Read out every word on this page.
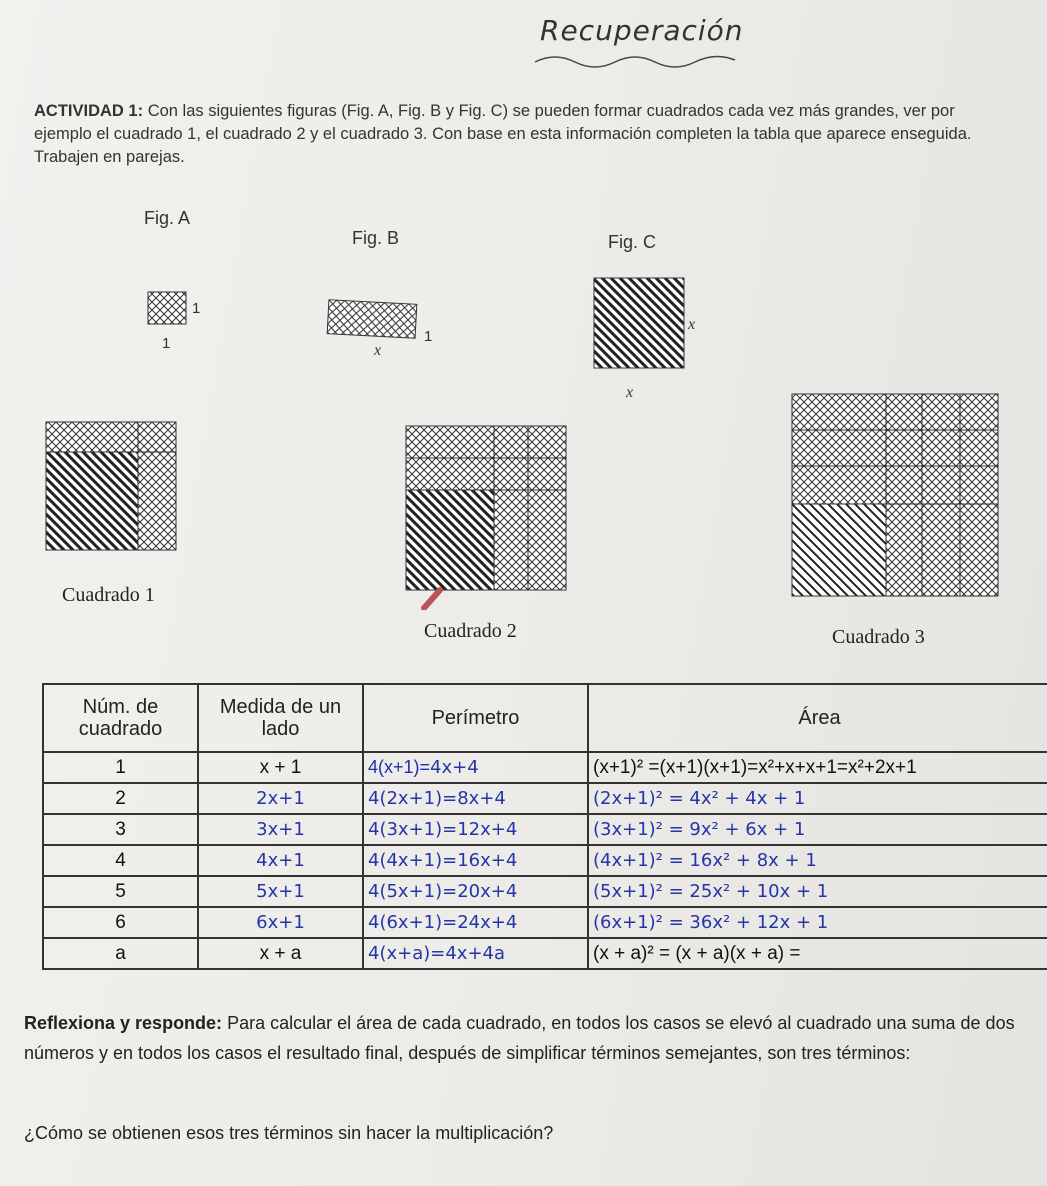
Recuperación
ACTIVIDAD 1: Con las siguientes figuras (Fig. A, Fig. B y Fig. C) se pueden formar cuadrados cada vez más grandes, ver por ejemplo el cuadrado 1, el cuadrado 2 y el cuadrado 3. Con base en esta información completen la tabla que aparece enseguida. Trabajen en parejas.
Fig. A
Fig. B	Fig. C
1
1	1
x
x
x
Cuadrado 1
Cuadrado 2	Cuadrado 3
Núm. de cuadrado	Medida de un lado	Perímetro	Área
1	x + 1	4(x+1)=4x+4	(x+1)² =(x+1)(x+1)=x²+x+x+1=x²+2x+1
2	2x+1	4(2x+1)=8x+4	(2x+1)² = 4x² + 4x + 1
3	3x+1	4(3x+1)=12x+4	(3x+1)² = 9x² + 6x + 1
4	4x+1	4(4x+1)=16x+4	(4x+1)² = 16x² + 8x + 1
5	5x+1	4(5x+1)=20x+4	(5x+1)² = 25x² + 10x + 1
6	6x+1	4(6x+1)=24x+4	(6x+1)² = 36x² + 12x + 1
a	x + a	4(x+a)=4x+4a	(x + a)² = (x + a)(x + a) =
Reflexiona y responde: Para calcular el área de cada cuadrado, en todos los casos se elevó al cuadrado una suma de dos números y en todos los casos el resultado final, después de simplificar términos semejantes, son tres términos:
¿Cómo se obtienen esos tres términos sin hacer la multiplicación?
